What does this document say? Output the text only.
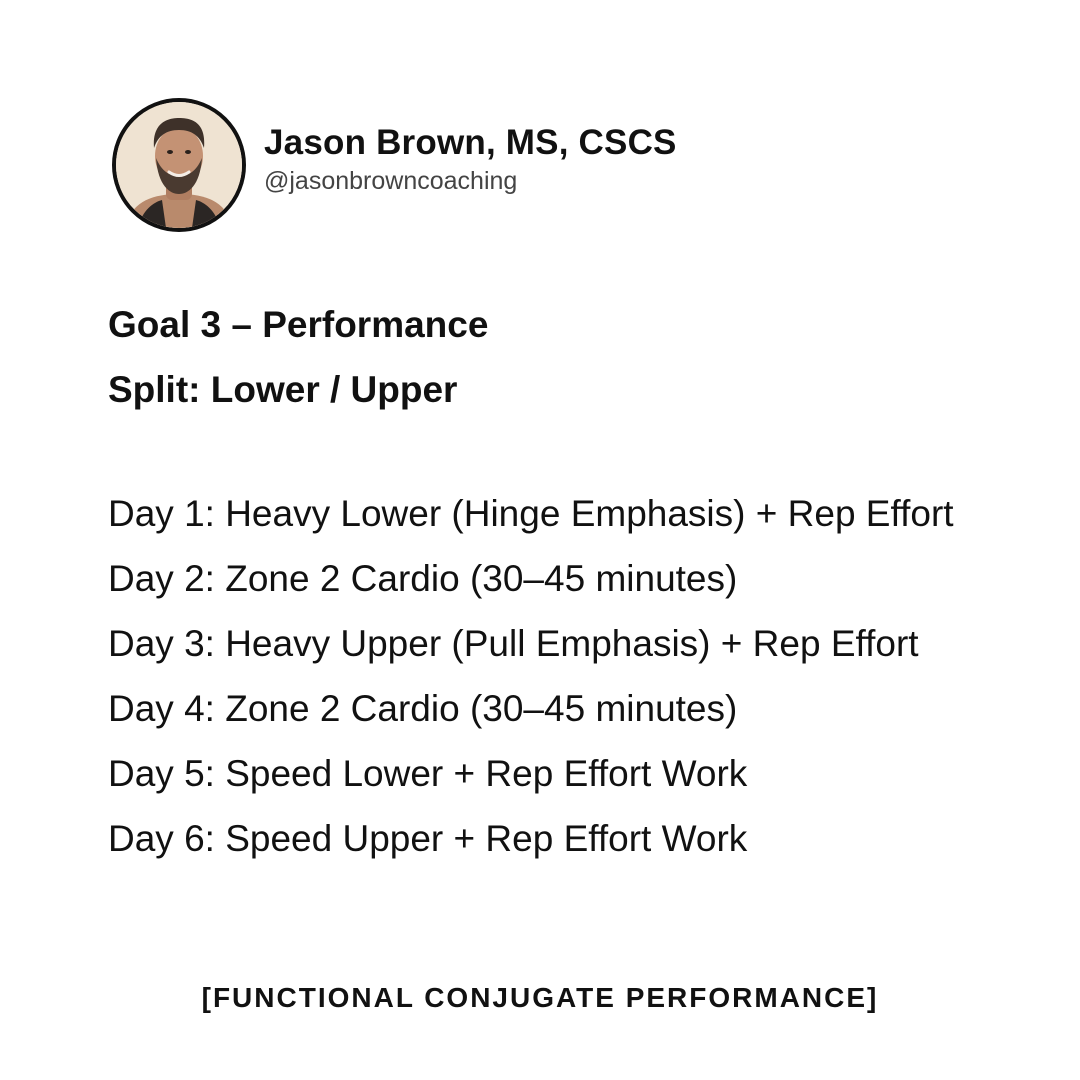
Jason Brown, MS, CSCS
@jasonbrowncoaching
Goal 3 – Performance
Split: Lower / Upper
Day 1: Heavy Lower (Hinge Emphasis) + Rep Effort
Day 2: Zone 2 Cardio (30–45 minutes)
Day 3: Heavy Upper (Pull Emphasis) + Rep Effort
Day 4: Zone 2 Cardio (30–45 minutes)
Day 5: Speed Lower + Rep Effort Work
Day 6: Speed Upper + Rep Effort Work
[FUNCTIONAL CONJUGATE PERFORMANCE]
